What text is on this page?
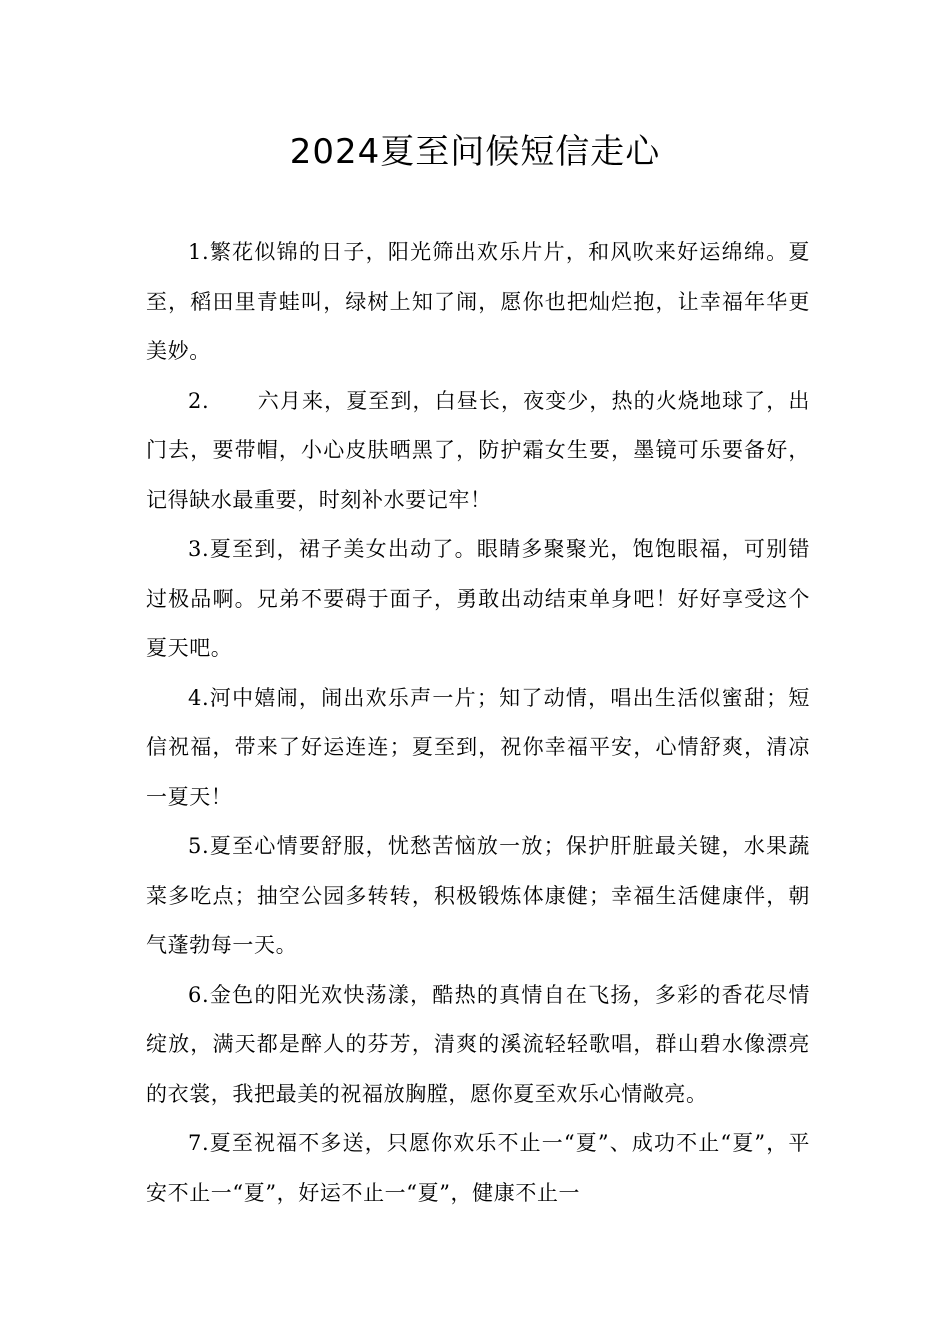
2024夏至问候短信走心

1.繁花似锦的日子，阳光筛出欢乐片片，和风吹来好运绵绵。夏至，稻田里青蛙叫，绿树上知了闹，愿你也把灿烂抱，让幸福年华更美妙。

2. 六月来，夏至到，白昼长，夜变少，热的火烧地球了，出门去，要带帽，小心皮肤晒黑了，防护霜女生要，墨镜可乐要备好，记得缺水最重要，时刻补水要记牢！

3.夏至到，裙子美女出动了。眼睛多聚聚光，饱饱眼福，可别错过极品啊。兄弟不要碍于面子，勇敢出动结束单身吧！好好享受这个夏天吧。

4.河中嬉闹，闹出欢乐声一片；知了动情，唱出生活似蜜甜；短信祝福，带来了好运连连；夏至到，祝你幸福平安，心情舒爽，清凉一夏天！

5.夏至心情要舒服，忧愁苦恼放一放；保护肝脏最关键，水果蔬菜多吃点；抽空公园多转转，积极锻炼体康健；幸福生活健康伴，朝气蓬勃每一天。

6.金色的阳光欢快荡漾，酷热的真情自在飞扬，多彩的香花尽情绽放，满天都是醉人的芬芳，清爽的溪流轻轻歌唱，群山碧水像漂亮的衣裳，我把最美的祝福放胸膛，愿你夏至欢乐心情敞亮。

7.夏至祝福不多送，只愿你欢乐不止一“夏”、成功不止“夏”，平安不止一“夏”，好运不止一“夏”，健康不止一
